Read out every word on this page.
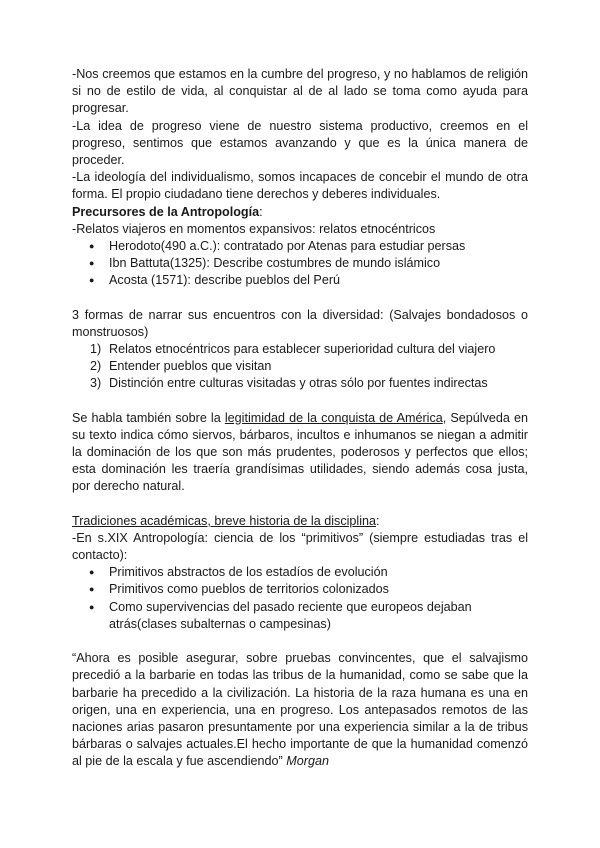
-Nos creemos que estamos en la cumbre del progreso, y no hablamos de religión si no de estilo de vida, al conquistar al de al lado se toma como ayuda para progresar.

-La idea de progreso viene de nuestro sistema productivo, creemos en el progreso, sentimos que estamos avanzando y que es la única manera de proceder.

-La ideología del individualismo, somos incapaces de concebir el mundo de otra forma. El propio ciudadano tiene derechos y deberes individuales.

Precursores de la Antropología:

-Relatos viajeros en momentos expansivos: relatos etnocéntricos

● Herodoto(490 a.C.): contratado por Atenas para estudiar persas
● Ibn Battuta(1325): Describe costumbres de mundo islámico
● Acosta (1571): describe pueblos del Perú

3 formas de narrar sus encuentros con la diversidad: (Salvajes bondadosos o monstruosos)

1) Relatos etnocéntricos para establecer superioridad cultura del viajero
2) Entender pueblos que visitan
3) Distinción entre culturas visitadas y otras sólo por fuentes indirectas

Se habla también sobre la legitimidad de la conquista de América, Sepúlveda en su texto indica cómo siervos, bárbaros, incultos e inhumanos se niegan a admitir la dominación de los que son más prudentes, poderosos y perfectos que ellos; esta dominación les traería grandísimas utilidades, siendo además cosa justa, por derecho natural.

Tradiciones académicas, breve historia de la disciplina:

-En s.XIX Antropología: ciencia de los “primitivos” (siempre estudiadas tras el contacto):

● Primitivos abstractos de los estadíos de evolución
● Primitivos como pueblos de territorios colonizados
● Como supervivencias del pasado reciente que europeos dejaban atrás(clases subalternas o campesinas)

“Ahora es posible asegurar, sobre pruebas convincentes, que el salvajismo precedió a la barbarie en todas las tribus de la humanidad, como se sabe que la barbarie ha precedido a la civilización. La historia de la raza humana es una en origen, una en experiencia, una en progreso. Los antepasados remotos de las naciones arias pasaron presuntamente por una experiencia similar a la de tribus bárbaras o salvajes actuales.El hecho importante de que la humanidad comenzó al pie de la escala y fue ascendiendo” Morgan
